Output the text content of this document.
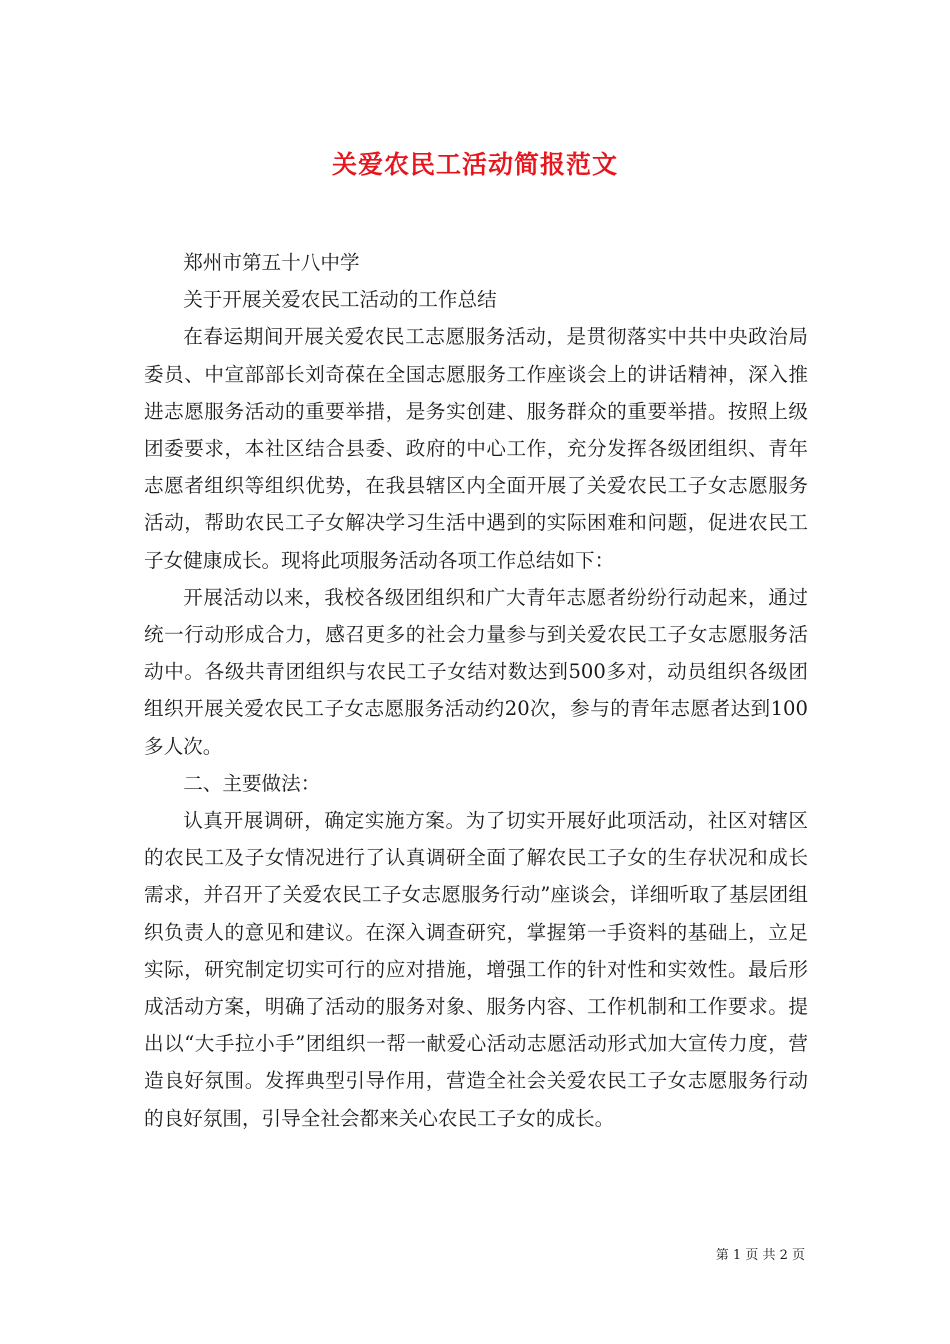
关爱农民工活动简报范文

郑州市第五十八中学

关于开展关爱农民工活动的工作总结

在春运期间开展关爱农民工志愿服务活动，是贯彻落实中共中央政治局委员、中宣部部长刘奇葆在全国志愿服务工作座谈会上的讲话精神，深入推进志愿服务活动的重要举措，是务实创建、服务群众的重要举措。按照上级团委要求，本社区结合县委、政府的中心工作，充分发挥各级团组织、青年志愿者组织等组织优势，在我县辖区内全面开展了关爱农民工子女志愿服务活动，帮助农民工子女解决学习生活中遇到的实际困难和问题，促进农民工子女健康成长。现将此项服务活动各项工作总结如下：

开展活动以来，我校各级团组织和广大青年志愿者纷纷行动起来，通过统一行动形成合力，感召更多的社会力量参与到关爱农民工子女志愿服务活动中。各级共青团组织与农民工子女结对数达到500多对，动员组织各级团组织开展关爱农民工子女志愿服务活动约20次，参与的青年志愿者达到100多人次。

二、主要做法：

认真开展调研，确定实施方案。为了切实开展好此项活动，社区对辖区的农民工及子女情况进行了认真调研全面了解农民工子女的生存状况和成长需求，并召开了关爱农民工子女志愿服务行动”座谈会，详细听取了基层团组织负责人的意见和建议。在深入调查研究，掌握第一手资料的基础上，立足实际，研究制定切实可行的应对措施，增强工作的针对性和实效性。最后形成活动方案，明确了活动的服务对象、服务内容、工作机制和工作要求。提出以“大手拉小手”团组织一帮一献爱心活动志愿活动形式加大宣传力度，营造良好氛围。发挥典型引导作用，营造全社会关爱农民工子女志愿服务行动的良好氛围，引导全社会都来关心农民工子女的成长。

第 1 页 共 2 页
